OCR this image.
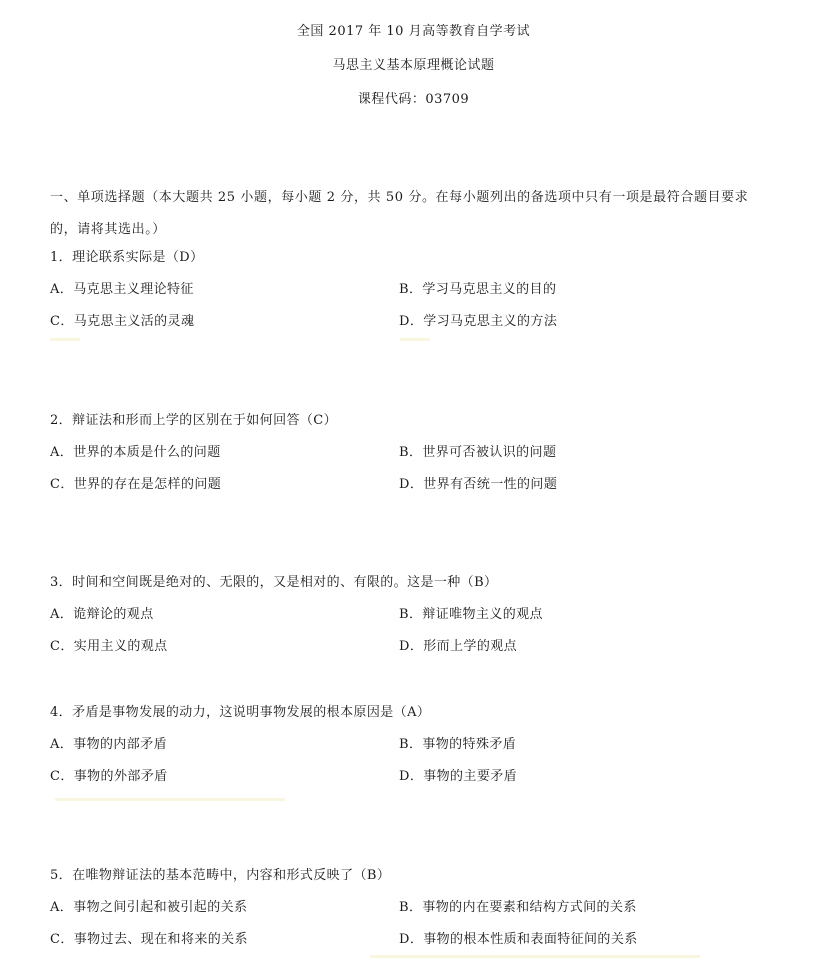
全国 2017 年 10 月高等教育自学考试
马思主义基本原理概论试题
课程代码：03709
一、单项选择题（本大题共 25 小题，每小题 2 分，共 50 分。在每小题列出的备选项中只有一项是最符合题目要求
的，请将其选出。）
1．理论联系实际是（D）
A．马克思主义理论特征	B．学习马克思主义的目的
C．马克思主义活的灵魂	D．学习马克思主义的方法
2．辩证法和形而上学的区别在于如何回答（C）
A．世界的本质是什么的问题	B．世界可否被认识的问题
C．世界的存在是怎样的问题	D．世界有否统一性的问题
3．时间和空间既是绝对的、无限的，又是相对的、有限的。这是一种（B）
A．诡辩论的观点	B．辩证唯物主义的观点
C．实用主义的观点	D．形而上学的观点
4．矛盾是事物发展的动力，这说明事物发展的根本原因是（A）
A．事物的内部矛盾	B．事物的特殊矛盾
C．事物的外部矛盾	D．事物的主要矛盾
5．在唯物辩证法的基本范畴中，内容和形式反映了（B）
A．事物之间引起和被引起的关系	B．事物的内在要素和结构方式间的关系
C．事物过去、现在和将来的关系	D．事物的根本性质和表面特征间的关系
